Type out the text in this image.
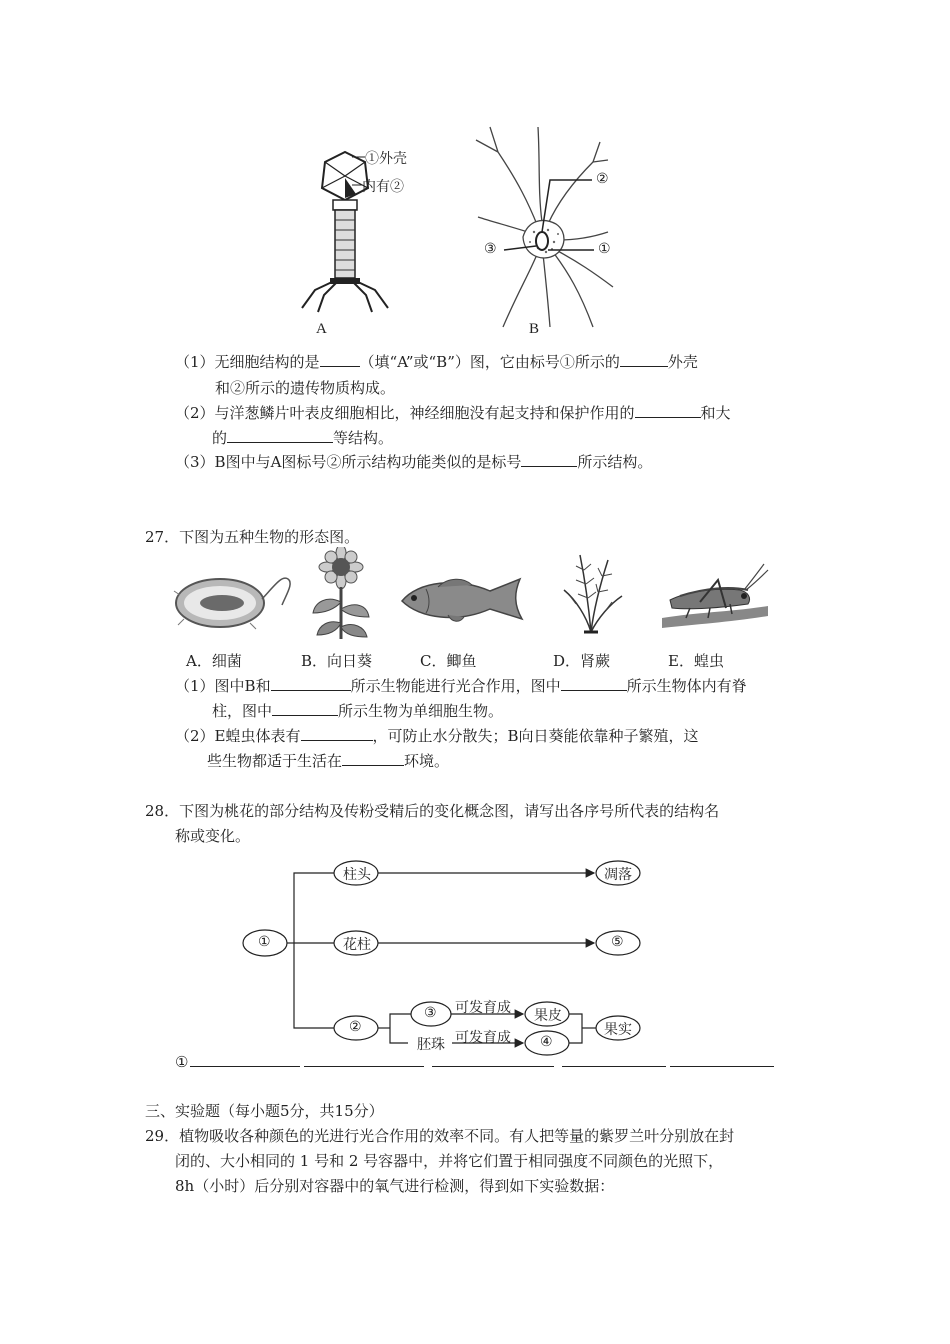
①外壳
内有②
A
②
③	①
B
（1）无细胞结构的是	（填“A”或“B”）图，它由标号①所示的	外壳
和②所示的遗传物质构成。
（2）与洋葱鳞片叶表皮细胞相比，神经细胞没有起支持和保护作用的	和大
的	等结构。
（3）B图中与A图标号②所示结构功能类似的是标号	所示结构。
27．下图为五种生物的形态图。
A．细菌	B．向日葵	C．鲫鱼	D．肾蕨	E．蝗虫
（1）图中B和	所示生物能进行光合作用，图中	所示生物体内有脊
柱，图中	所示生物为单细胞生物。
（2）E蝗虫体表有	，可防止水分散失；B向日葵能依靠种子繁殖，这
些生物都适于生活在	环境。
28．下图为桃花的部分结构及传粉受精后的变化概念图，请写出各序号所代表的结构名
称或变化。
①
柱头
花柱
②
凋落
⑤
③
胚珠
果皮
④
果实
可发育成
可发育成
①
三、实验题（每小题5分，共15分）
29．植物吸收各种颜色的光进行光合作用的效率不同。有人把等量的紫罗兰叶分别放在封
闭的、大小相同的 1 号和 2 号容器中，并将它们置于相同强度不同颜色的光照下，
8h（小时）后分别对容器中的氧气进行检测，得到如下实验数据：
